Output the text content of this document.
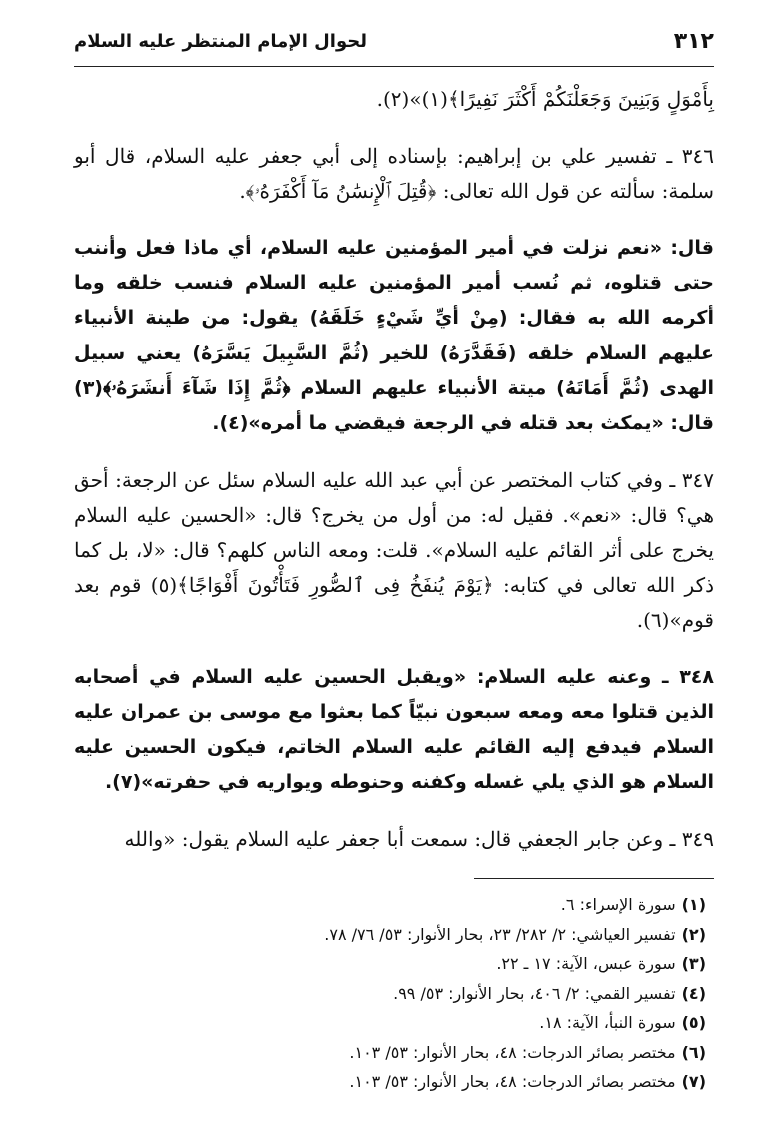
٣١٢
لحوال الإمام المنتظر عليه السلام

بِأَمْوَلٍ وَبَنِينَ وَجَعَلْنَكُمْ أَكْثَرَ نَفِيرًا﴾(١)»(٢).

٣٤٦ ـ تفسير علي بن إبراهيم: بإسناده إلى أبي جعفر عليه السلام، قال أبو سلمة: سألته عن قول الله تعالى: ﴿قُتِلَ ٱلْإِنسَٰنُ مَآ أَكْفَرَهُۥ﴾.

قال: «نعم نزلت في أمير المؤمنين عليه السلام، أي ماذا فعل وأننب حتى قتلوه، ثم نُسب أمير المؤمنين عليه السلام فنسب خلقه وما أكرمه الله به فقال: (مِنْ أيِّ شَيْءٍ خَلَقَهُ) يقول: من طينة الأنبياء عليهم السلام خلقه (فَقَدَّرَهُ) للخير (ثُمَّ السَّبِيلَ يَسَّرَهُ) يعني سبيل الهدى (ثُمَّ أَمَاتَهُ) ميتة الأنبياء عليهم السلام ﴿ثُمَّ إِذَا شَآءَ أَنشَرَهُۥ﴾(٣) قال: «يمكث بعد قتله في الرجعة فيقضي ما أمره»(٤).

٣٤٧ ـ وفي كتاب المختصر عن أبي عبد الله عليه السلام سئل عن الرجعة: أحق هي؟ قال: «نعم». فقيل له: من أول من يخرج؟ قال: «الحسين عليه السلام يخرج على أثر القائم عليه السلام». قلت: ومعه الناس كلهم؟ قال: «لا، بل كما ذكر الله تعالى في كتابه: ﴿يَوْمَ يُنفَخُ فِى ٱلصُّورِ فَتَأْتُونَ أَفْوَاجًا﴾(٥) قوم بعد قوم»(٦).

٣٤٨ ـ وعنه عليه السلام: «ويقبل الحسين عليه السلام في أصحابه الذين قتلوا معه ومعه سبعون نبيّاً كما بعثوا مع موسى بن عمران عليه السلام فيدفع إليه القائم عليه السلام الخاتم، فيكون الحسين عليه السلام هو الذي يلي غسله وكفنه وحنوطه ويواريه في حفرته»(٧).

٣٤٩ ـ وعن جابر الجعفي قال: سمعت أبا جعفر عليه السلام يقول: «والله

(١)سورة الإسراء: ٦.
(٢)تفسير العياشي: ٢/ ٢٨٢/ ٢٣، بحار الأنوار: ٥٣/ ٧٦/ ٧٨.
(٣)سورة عبس، الآية: ١٧ ـ ٢٢.
(٤)تفسير القمي: ٢/ ٤٠٦، بحار الأنوار: ٥٣/ ٩٩.
(٥)سورة النبأ، الآية: ١٨.
(٦)مختصر بصائر الدرجات: ٤٨، بحار الأنوار: ٥٣/ ١٠٣.
(٧)مختصر بصائر الدرجات: ٤٨، بحار الأنوار: ٥٣/ ١٠٣.
